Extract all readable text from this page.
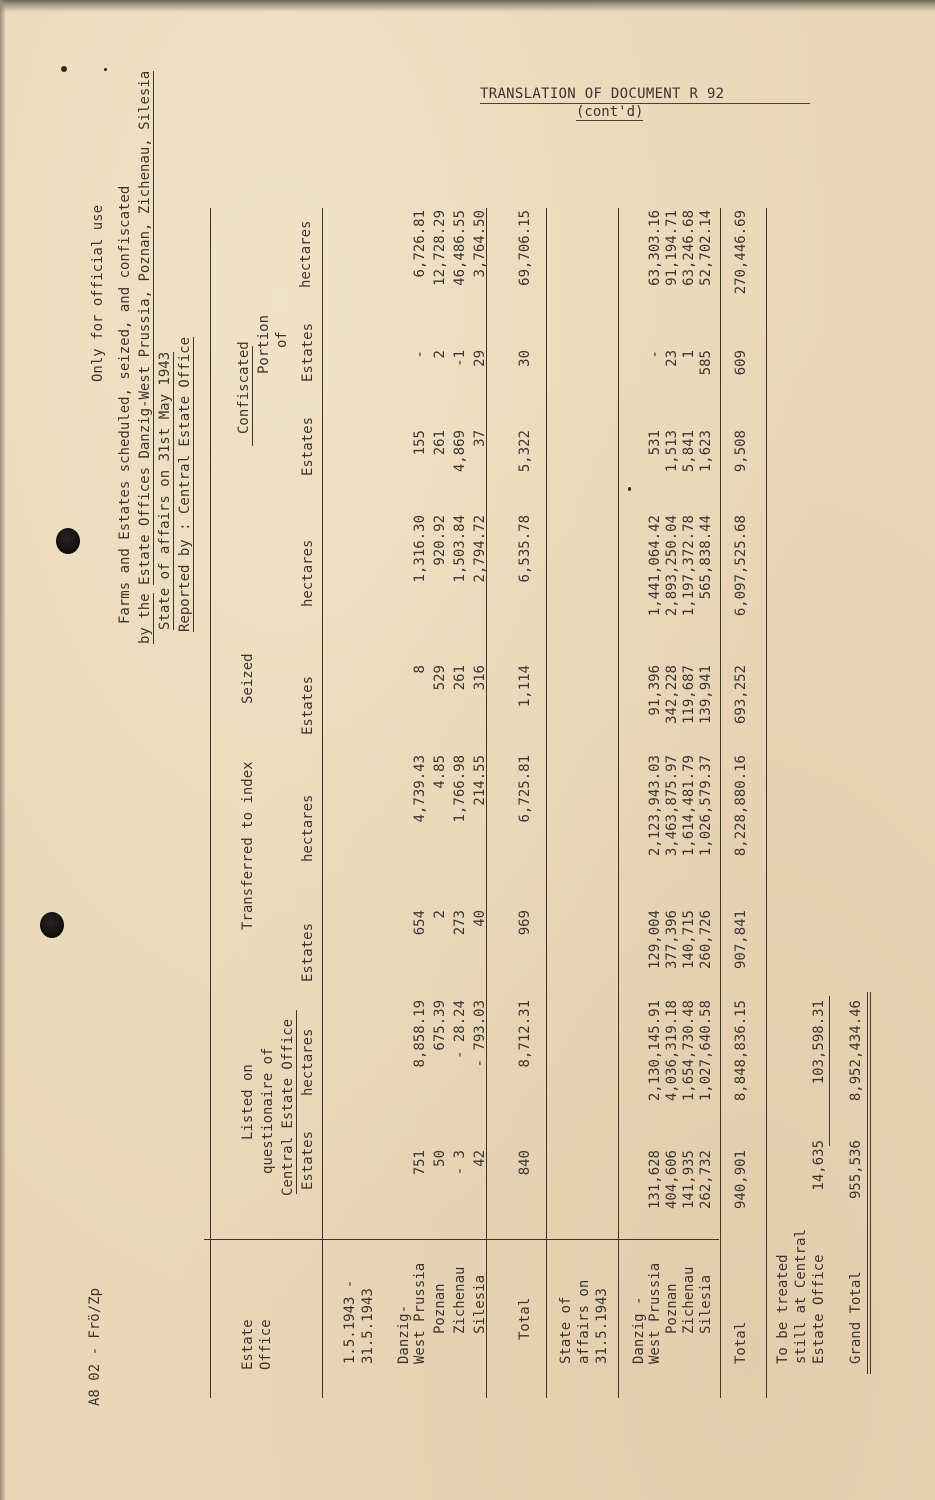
TRANSLATION OF DOCUMENT R 92
(cont'd)
A8 02 - Frö/Zp
Only for official use Farms and Estates scheduled, seized, and confiscated by the Estate Offices Danzig-West Prussia, Poznan, Zichenau, Silesia State of affairs on 31st May 1943 Reported by : Central Estate Office
Estate Office
Listed on questionaire of Central Estate Office
Transferred to index
Seized
Confiscated Portion of
Estates
hectares
Estates
hectares
Estates
hectares
Estates
Estates
hectares
1.5.1943 - 31.5.1943 Danzig- West Prussia
751
8,858.19
654
4,739.43
8
1,316.30
155
-
6,726.81
Poznan
50
675.39
2
4.85
529
920.92
261
2
12,728.29
Zichenau
- 3
- 28.24
273
1,766.98
261
1,503.84
4,869
-1
46,486.55
Silesia
42
- 793.03
40
214.55
316
2,794.72
37
29
3,764.50
Total
840
8,712.31
969
6,725.81
1,114
6,535.78
5,322
30
69,706.15
State of affairs on 31.5.1943 Danzig - West Prussia
131,628
2,130,145.91
129,004
2,123,943.03
91,396
1,441,064.42
531
-
63,303.16
Poznan
404,606
4,036,319.18
377,396
3,463,875.97
342,228
2,893,250.04
1,513
23
91,194.71
Zichenau
141,935
1,654,730.48
140,715
1,614,481.79
119,687
1,197,372.78
5,841
1
63,246.68
Silesia
262,732
1,027,640.58
260,726
1,026,579.37
139,941
565,838.44
1,623
585
52,702.14
Total
940,901
8,848,836.15
907,841
8,228,880.16
693,252
6,097,525.68
9,508
609
270,446.69
To be treated still at Central Estate Office
14,635
103,598.31
Grand Total
955,536
8,952,434.46
